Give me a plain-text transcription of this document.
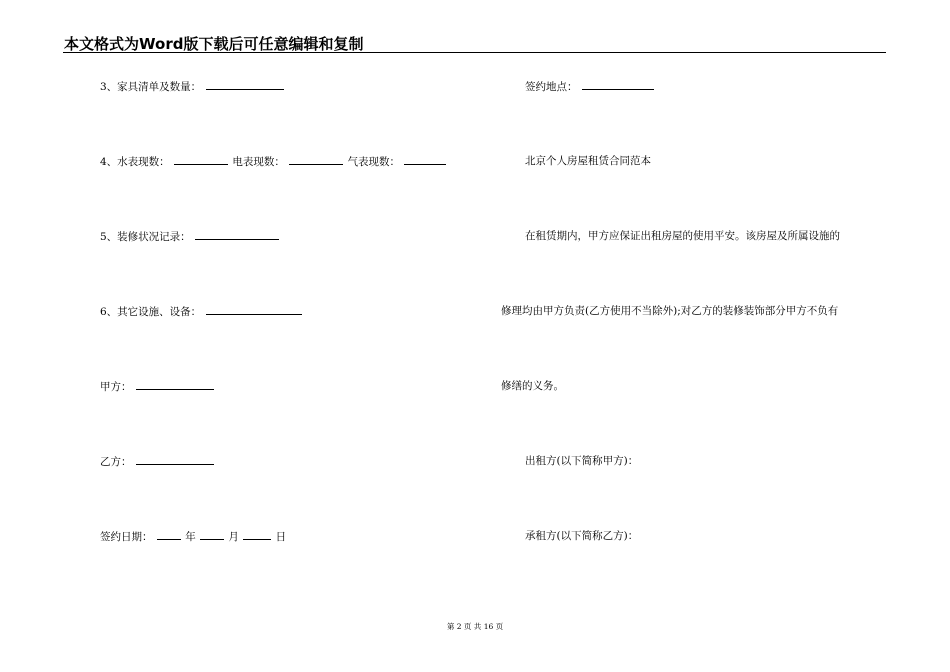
本文格式为Word版下载后可任意编辑和复制
3、家具清单及数量：
4、水表现数：	电表现数：	气表现数：
5、装修状况记录：
6、其它设施、设备：
甲方：
乙方：
签约日期：	年	月	日
签约地点：
北京个人房屋租赁合同范本
在租赁期内，甲方应保证出租房屋的使用平安。该房屋及所属设施的
修理均由甲方负责(乙方使用不当除外);对乙方的装修装饰部分甲方不负有
修缮的义务。
出租方(以下简称甲方)：
承租方(以下简称乙方)：
第 2 页 共 16 页
